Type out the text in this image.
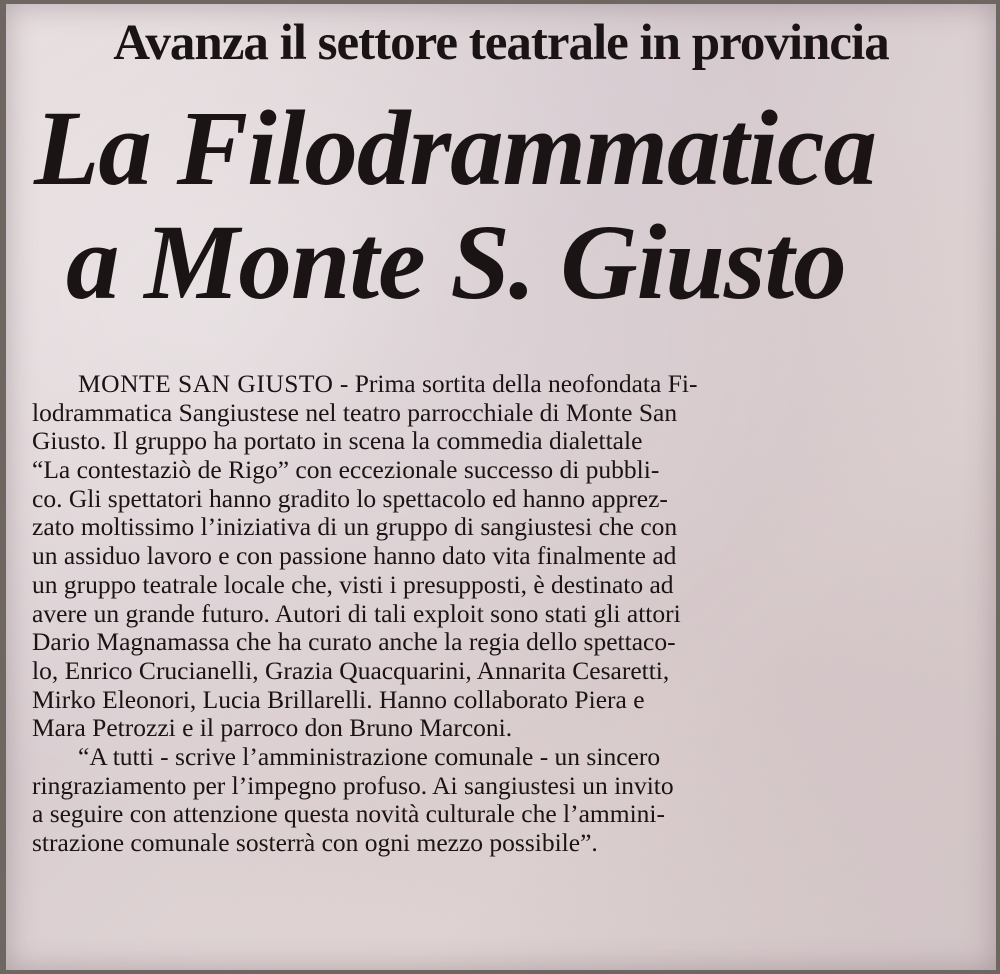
Avanza il settore teatrale in provincia
La Filodrammatica
a Monte S. Giusto
MONTE SAN GIUSTO - Prima sortita della neofondata Fi-
lodrammatica Sangiustese nel teatro parrocchiale di Monte San
Giusto. Il gruppo ha portato in scena la commedia dialettale
“La contestaziò de Rigo” con eccezionale successo di pubbli-
co. Gli spettatori hanno gradito lo spettacolo ed hanno apprez-
zato moltissimo l’iniziativa di un gruppo di sangiustesi che con
un assiduo lavoro e con passione hanno dato vita finalmente ad
un gruppo teatrale locale che, visti i presupposti, è destinato ad
avere un grande futuro. Autori di tali exploit sono stati gli attori
Dario Magnamassa che ha curato anche la regia dello spettaco-
lo, Enrico Crucianelli, Grazia Quacquarini, Annarita Cesaretti,
Mirko Eleonori, Lucia Brillarelli. Hanno collaborato Piera e
Mara Petrozzi e il parroco don Bruno Marconi.
“A tutti - scrive l’amministrazione comunale - un sincero
ringraziamento per l’impegno profuso. Ai sangiustesi un invito
a seguire con attenzione questa novità culturale che l’ammini-
strazione comunale sosterrà con ogni mezzo possibile”.
